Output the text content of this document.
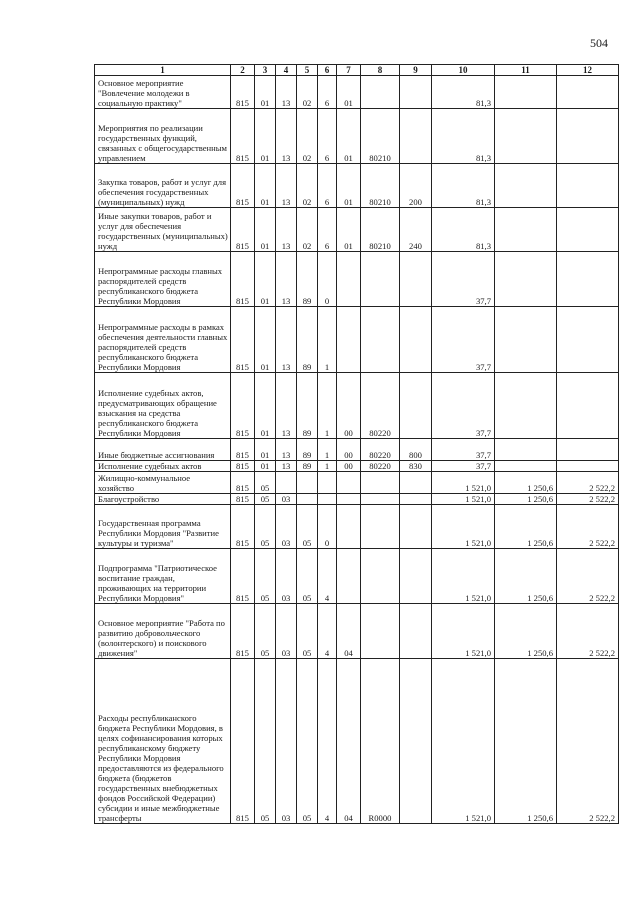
504
1	2	3	4	5	6	7	8	9	10	11	12
Основное мероприятие "Вовлечение молодежи в социальную практику"	815	01	13	02	6	01			81,3		
Мероприятия по реализации государственных функций, связанных с общегосударственным управлением	815	01	13	02	6	01	80210		81,3		
Закупка товаров, работ и услуг для обеспечения государственных (муниципальных) нужд	815	01	13	02	6	01	80210	200	81,3		
Иные закупки товаров, работ и услуг для обеспечения государственных (муниципальных) нужд	815	01	13	02	6	01	80210	240	81,3		
Непрограммные расходы главных распорядителей средств республиканского бюджета Республики Мордовия	815	01	13	89	0				37,7		
Непрограммные расходы в рамках обеспечения деятельности главных распорядителей средств республиканского бюджета Республики Мордовия	815	01	13	89	1				37,7		
Исполнение судебных актов, предусматривающих обращение взыскания на средства республиканского бюджета Республики Мордовия	815	01	13	89	1	00	80220		37,7		
Иные бюджетные ассигнования	815	01	13	89	1	00	80220	800	37,7		
Исполнение судебных актов	815	01	13	89	1	00	80220	830	37,7		
Жилищно-коммунальное хозяйство	815	05							1 521,0	1 250,6	2 522,2
Благоустройство	815	05	03						1 521,0	1 250,6	2 522,2
Государственная программа Республики Мордовия "Развитие культуры и туризма"	815	05	03	05	0				1 521,0	1 250,6	2 522,2
Подпрограмма "Патриотическое воспитание граждан, проживающих на территории Республики Мордовия"	815	05	03	05	4				1 521,0	1 250,6	2 522,2
Основное мероприятие "Работа по развитию добровольческого (волонтерского) и поискового движения"	815	05	03	05	4	04			1 521,0	1 250,6	2 522,2
Расходы республиканского бюджета Республики Мордовия, в целях софинансирования которых республиканскому бюджету Республики Мордовия предоставляются из федерального бюджета (бюджетов государственных внебюджетных фондов Российской Федерации) субсидии и иные межбюджетные трансферты	815	05	03	05	4	04	R0000		1 521,0	1 250,6	2 522,2
